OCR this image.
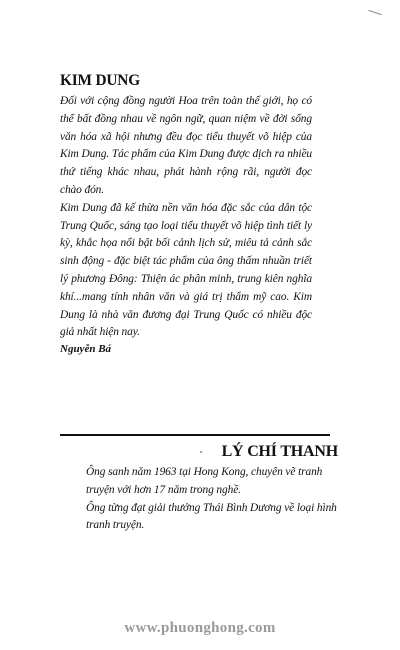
KIM DUNG

Đối với cộng đồng người Hoa trên toàn thế giới, họ có thể bất đồng nhau về ngôn ngữ, quan niệm về đời sống văn hóa xã hội nhưng đều đọc tiểu thuyết võ hiệp của Kim Dung. Tác phẩm của Kim Dung được dịch ra nhiều thứ tiếng khác nhau, phát hành rộng rãi, người đọc chào đón.

Kim Dung đã kế thừa nền văn hóa đặc sắc của dân tộc Trung Quốc, sáng tạo loại tiểu thuyết võ hiệp tình tiết ly kỳ, khắc họa nổi bật bối cảnh lịch sử, miêu tả cảnh sắc sinh động - đặc biệt tác phẩm của ông thấm nhuần triết lý phương Đông: Thiện ác phân minh, trung kiên nghĩa khí...mang tính nhân văn và giá trị thẩm mỹ cao. Kim Dung là nhà văn đương đại Trung Quốc có nhiều độc giả nhất hiện nay.

Nguyễn Bá
LÝ CHÍ THANH

Ông sanh năm 1963 tại Hong Kong, chuyên vẽ tranh truyện với hơn 17 năm trong nghề.

Ông từng đạt giải thưởng Thái Bình Dương về loại hình tranh truyện.

www.phuonghong.com
